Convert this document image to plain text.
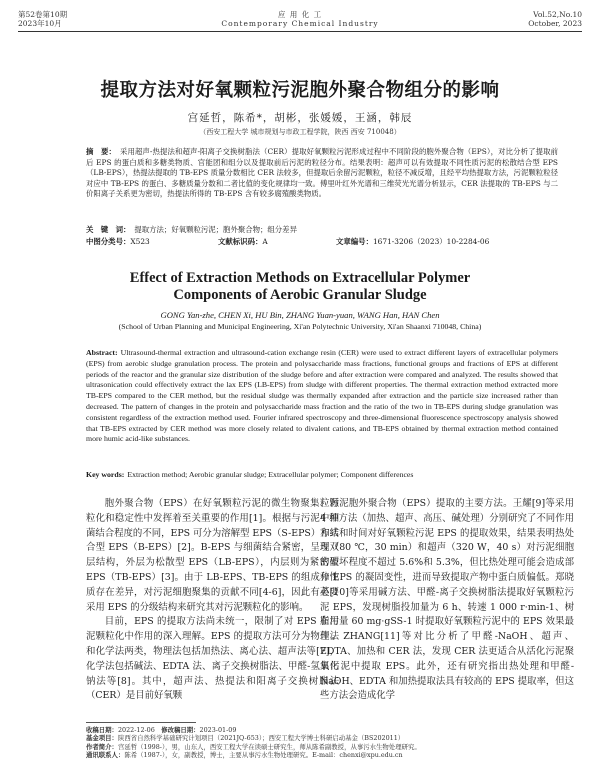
第52卷第10期
2023年10月
应 用 化 工
Contemporary Chemical Industry
Vol.52,No.10
October, 2023
提取方法对好氧颗粒污泥胞外聚合物组分的影响
宫延哲，陈希*，胡彬，张媛媛，王涵，韩辰
（西安工程大学 城市规划与市政工程学院，陕西 西安 710048）
摘　要： 采用超声-热提法和超声-阳离子交换树脂法（CER）提取好氧颗粒污泥形成过程中不同阶段的胞外聚合物（EPS），对比分析了提取前后 EPS 的蛋白质和多糖类物质、官能团和组分以及提取前后污泥的粒径分布。结果表明：超声可以有效提取不同性质污泥的松散结合型 EPS（LB-EPS），热提法提取的 TB-EPS 质量分数相比 CER 法较多，但提取后余留污泥颗粒，粒径不减反增，且经平均热提取方法，污泥颗粒粒径对应中 TB-EPS 的蛋白、多糖质量分数和二者比值的变化规律均一致。傅里叶红外光谱和三维荧光光谱分析显示，CER 法提取的 TB-EPS 与二价阳离子关系更为密切，热提法所得的 TB-EPS 含有较多腐殖酸类物质。
关　键　词： 提取方法；好氧颗粒污泥；胞外聚合物；组分差异
中图分类号：X523	文献标识码：A	文章编号：1671-3206（2023）10-2284-06
Effect of Extraction Methods on Extracellular Polymer
Components of Aerobic Granular Sludge
GONG Yan-zhe, CHEN Xi, HU Bin, ZHANG Yuan-yuan, WANG Han, HAN Chen
(School of Urban Planning and Municipal Engineering, Xi'an Polytechnic University, Xi'an Shaanxi 710048, China)
Abstract: Ultrasound-thermal extraction and ultrasound-cation exchange resin (CER) were used to extract different layers of extracellular polymers (EPS) from aerobic sludge granulation process. The protein and polysaccharide mass fractions, functional groups and fractions of EPS at different periods of the reactor and the granular size distribution of the sludge before and after extraction were compared and analyzed. The results showed that ultrasonication could effectively extract the lax EPS (LB-EPS) from sludge with different properties. The thermal extraction method extracted more TB-EPS compared to the CER method, but the residual sludge was thermally expanded after extraction and the particle size increased rather than decreased. The pattern of changes in the protein and polysaccharide mass fraction and the ratio of the two in TB-EPS during sludge granulation was consistent regardless of the extraction method used. Fourier infrared spectroscopy and three-dimensional fluorescence spectroscopy analysis showed that TB-EPS extracted by CER method was more closely related to divalent cations, and TB-EPS obtained by thermal extraction method contained more humic acid-like substances.
Key words: Extraction method; Aerobic granular sludge; Extracellular polymer; Component differences

胞外聚合物（EPS）在好氧颗粒污泥的微生物聚集、颗粒化和稳定性中发挥着至关重要的作用[1]。根据与污泥中细菌结合程度的不同，EPS 可分为溶解型 EPS（S-EPS）和结合型 EPS（B-EPS）[2]。B-EPS 与细菌结合紧密，呈现双层结构，外层为松散型 EPS（LB-EPS），内层则为紧密型 EPS（TB-EPS）[3]。由于 LB-EPS、TB-EPS 的组成和性质存在差异，对污泥细胞聚集的贡献不同[4-6]，因此有必要采用 EPS 的分级结构来研究其对污泥颗粒化的影响。

目前，EPS 的提取方法尚未统一，限制了对 EPS 在污泥颗粒化中作用的深入理解。EPS 的提取方法可分为物理法和化学法两类，物理法包括加热法、离心法、超声法等[7]，化学法包括碱法、EDTA 法、离子交换树脂法、甲醛-氢氧化钠法等[8]。其中，超声法、热提法和阳离子交换树脂法（CER）是目前好氧颗

粒污泥胞外聚合物（EPS）提取的主要方法。王耀[9]等采用 4 种方法（加热、超声、高压、碱处理）分别研究了不同作用方式和时间对好氧颗粒污泥 EPS 的提取效果，结果表明热处理（80 ℃，30 min）和超声（320 W，40 s）对污泥细胞的破坏程度不超过 5.6%和 5.3%，但比热处理可能会造成部分 EPS 的凝固变性，进而导致提取产物中蛋白质偏低。郑晓英[10]等采用碱方法、甲醛-离子交换树脂法提取好氧颗粒污泥 EPS，发现树脂投加量为 6 h、转速 1 000 r·min-1、树脂用量 60 mg·gSS-1 时提取好氧颗粒污泥中的 EPS 效果最佳。ZHANG[11]等对比分析了甲醛-NaOH、超声、EDTA、加热和 CER 法，发现 CER 法更适合从活化污泥聚集污泥中提取 EPS。此外，还有研究指出热处理和甲醛-NaOH、EDTA 和加热提取法具有较高的 EPS 提取率，但这些方法会造成化学

收稿日期：2022-12-06　 修改稿日期：2023-01-09
基金项目：陕西省自然科学基础研究计划项目（2021JQ-653）；西安工程大学博士科研启动基金（BS202011）
作者简介：宫延哲（1998-），男，山东人，西安工程大学在读硕士研究生，师从陈希副教授，从事污水生物处理研究。
通讯联系人：陈希（1987-），女，副教授，博士，主要从事污水生物处理研究。E-mail：chenxi@xpu.edu.cn
